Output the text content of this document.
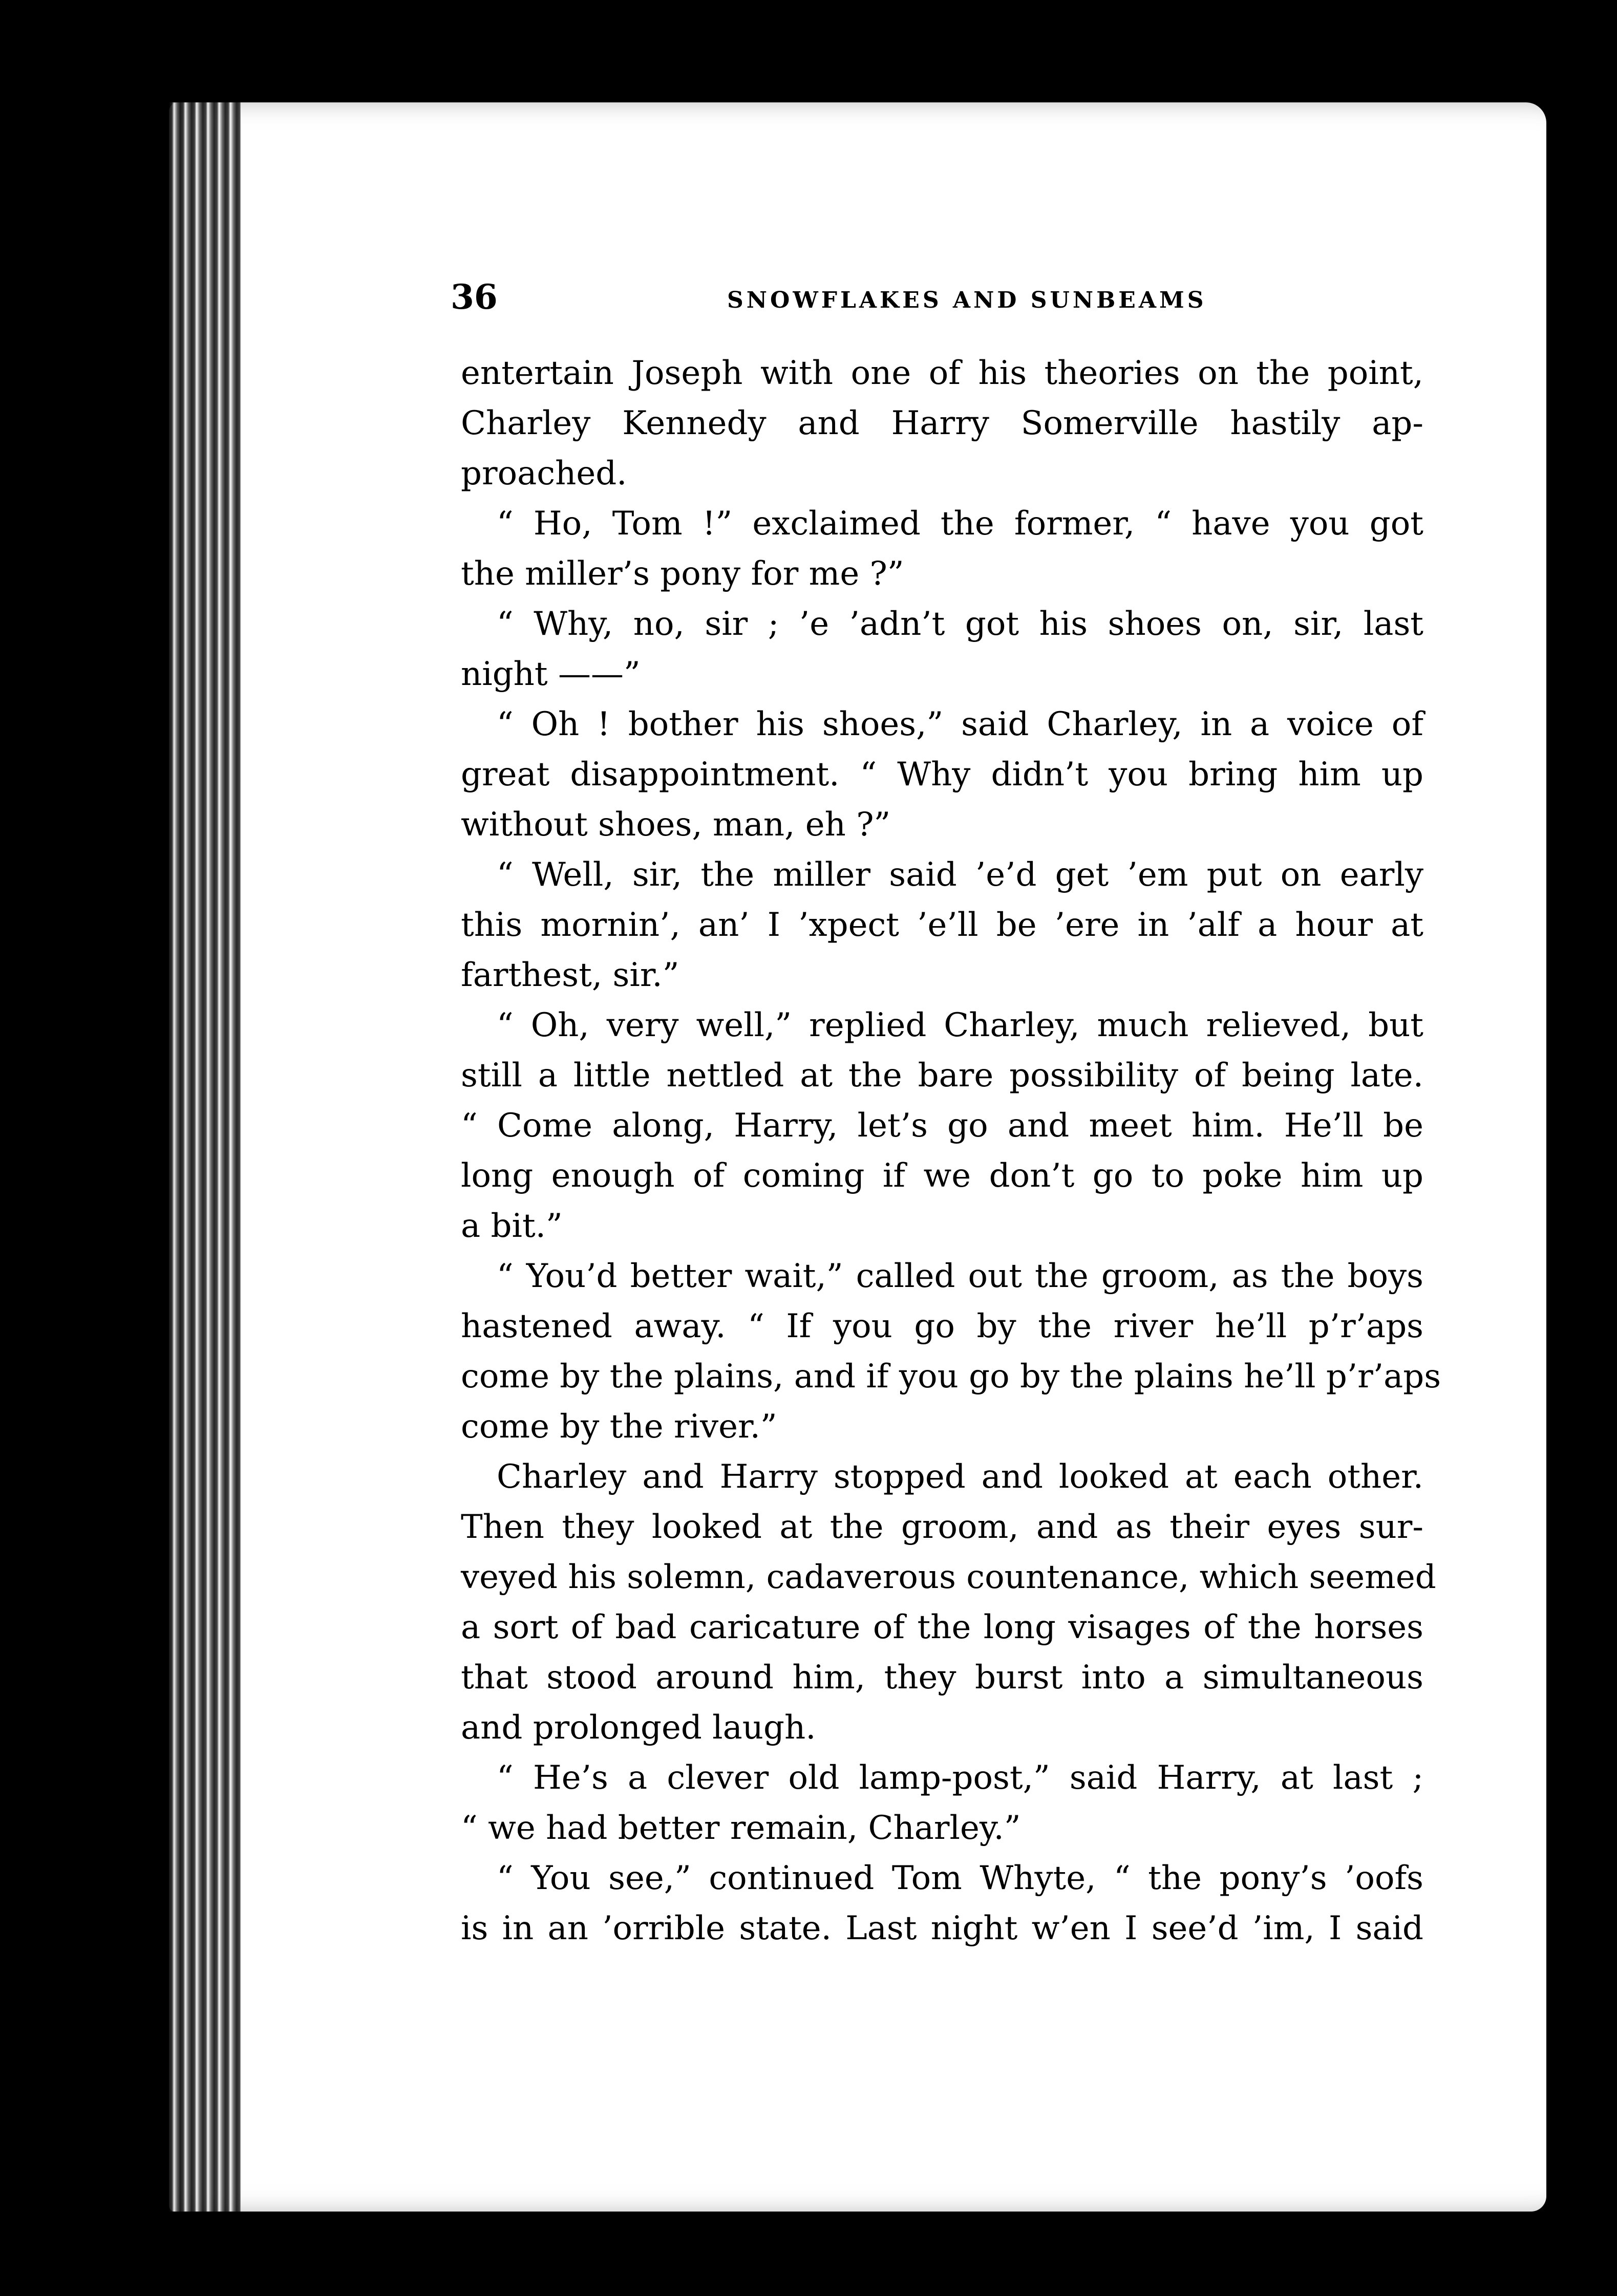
36	SNOWFLAKES AND SUNBEAMS
entertain Joseph with one of his theories on the point,
Charley Kennedy and Harry Somerville hastily ap-
proached.
“ Ho, Tom !” exclaimed the former, “ have you got
the miller’s pony for me ?”
“ Why, no, sir ; ’e ’adn’t got his shoes on, sir, last
night ——”
“ Oh ! bother his shoes,” said Charley, in a voice of
great disappointment. “ Why didn’t you bring him up
without shoes, man, eh ?”
“ Well, sir, the miller said ’e’d get ’em put on early
this mornin’, an’ I ’xpect ’e’ll be ’ere in ’alf a hour at
farthest, sir.”
“ Oh, very well,” replied Charley, much relieved, but
still a little nettled at the bare possibility of being late.
“ Come along, Harry, let’s go and meet him. He’ll be
long enough of coming if we don’t go to poke him up
a bit.”
“ You’d better wait,” called out the groom, as the boys
hastened away. “ If you go by the river he’ll p’r’aps
come by the plains, and if you go by the plains he’ll p’r’aps
come by the river.”
Charley and Harry stopped and looked at each other.
Then they looked at the groom, and as their eyes sur-
veyed his solemn, cadaverous countenance, which seemed
a sort of bad caricature of the long visages of the horses
that stood around him, they burst into a simultaneous
and prolonged laugh.
“ He’s a clever old lamp-post,” said Harry, at last ;
“ we had better remain, Charley.”
“ You see,” continued Tom Whyte, “ the pony’s ’oofs
is in an ’orrible state. Last night w’en I see’d ’im, I said
